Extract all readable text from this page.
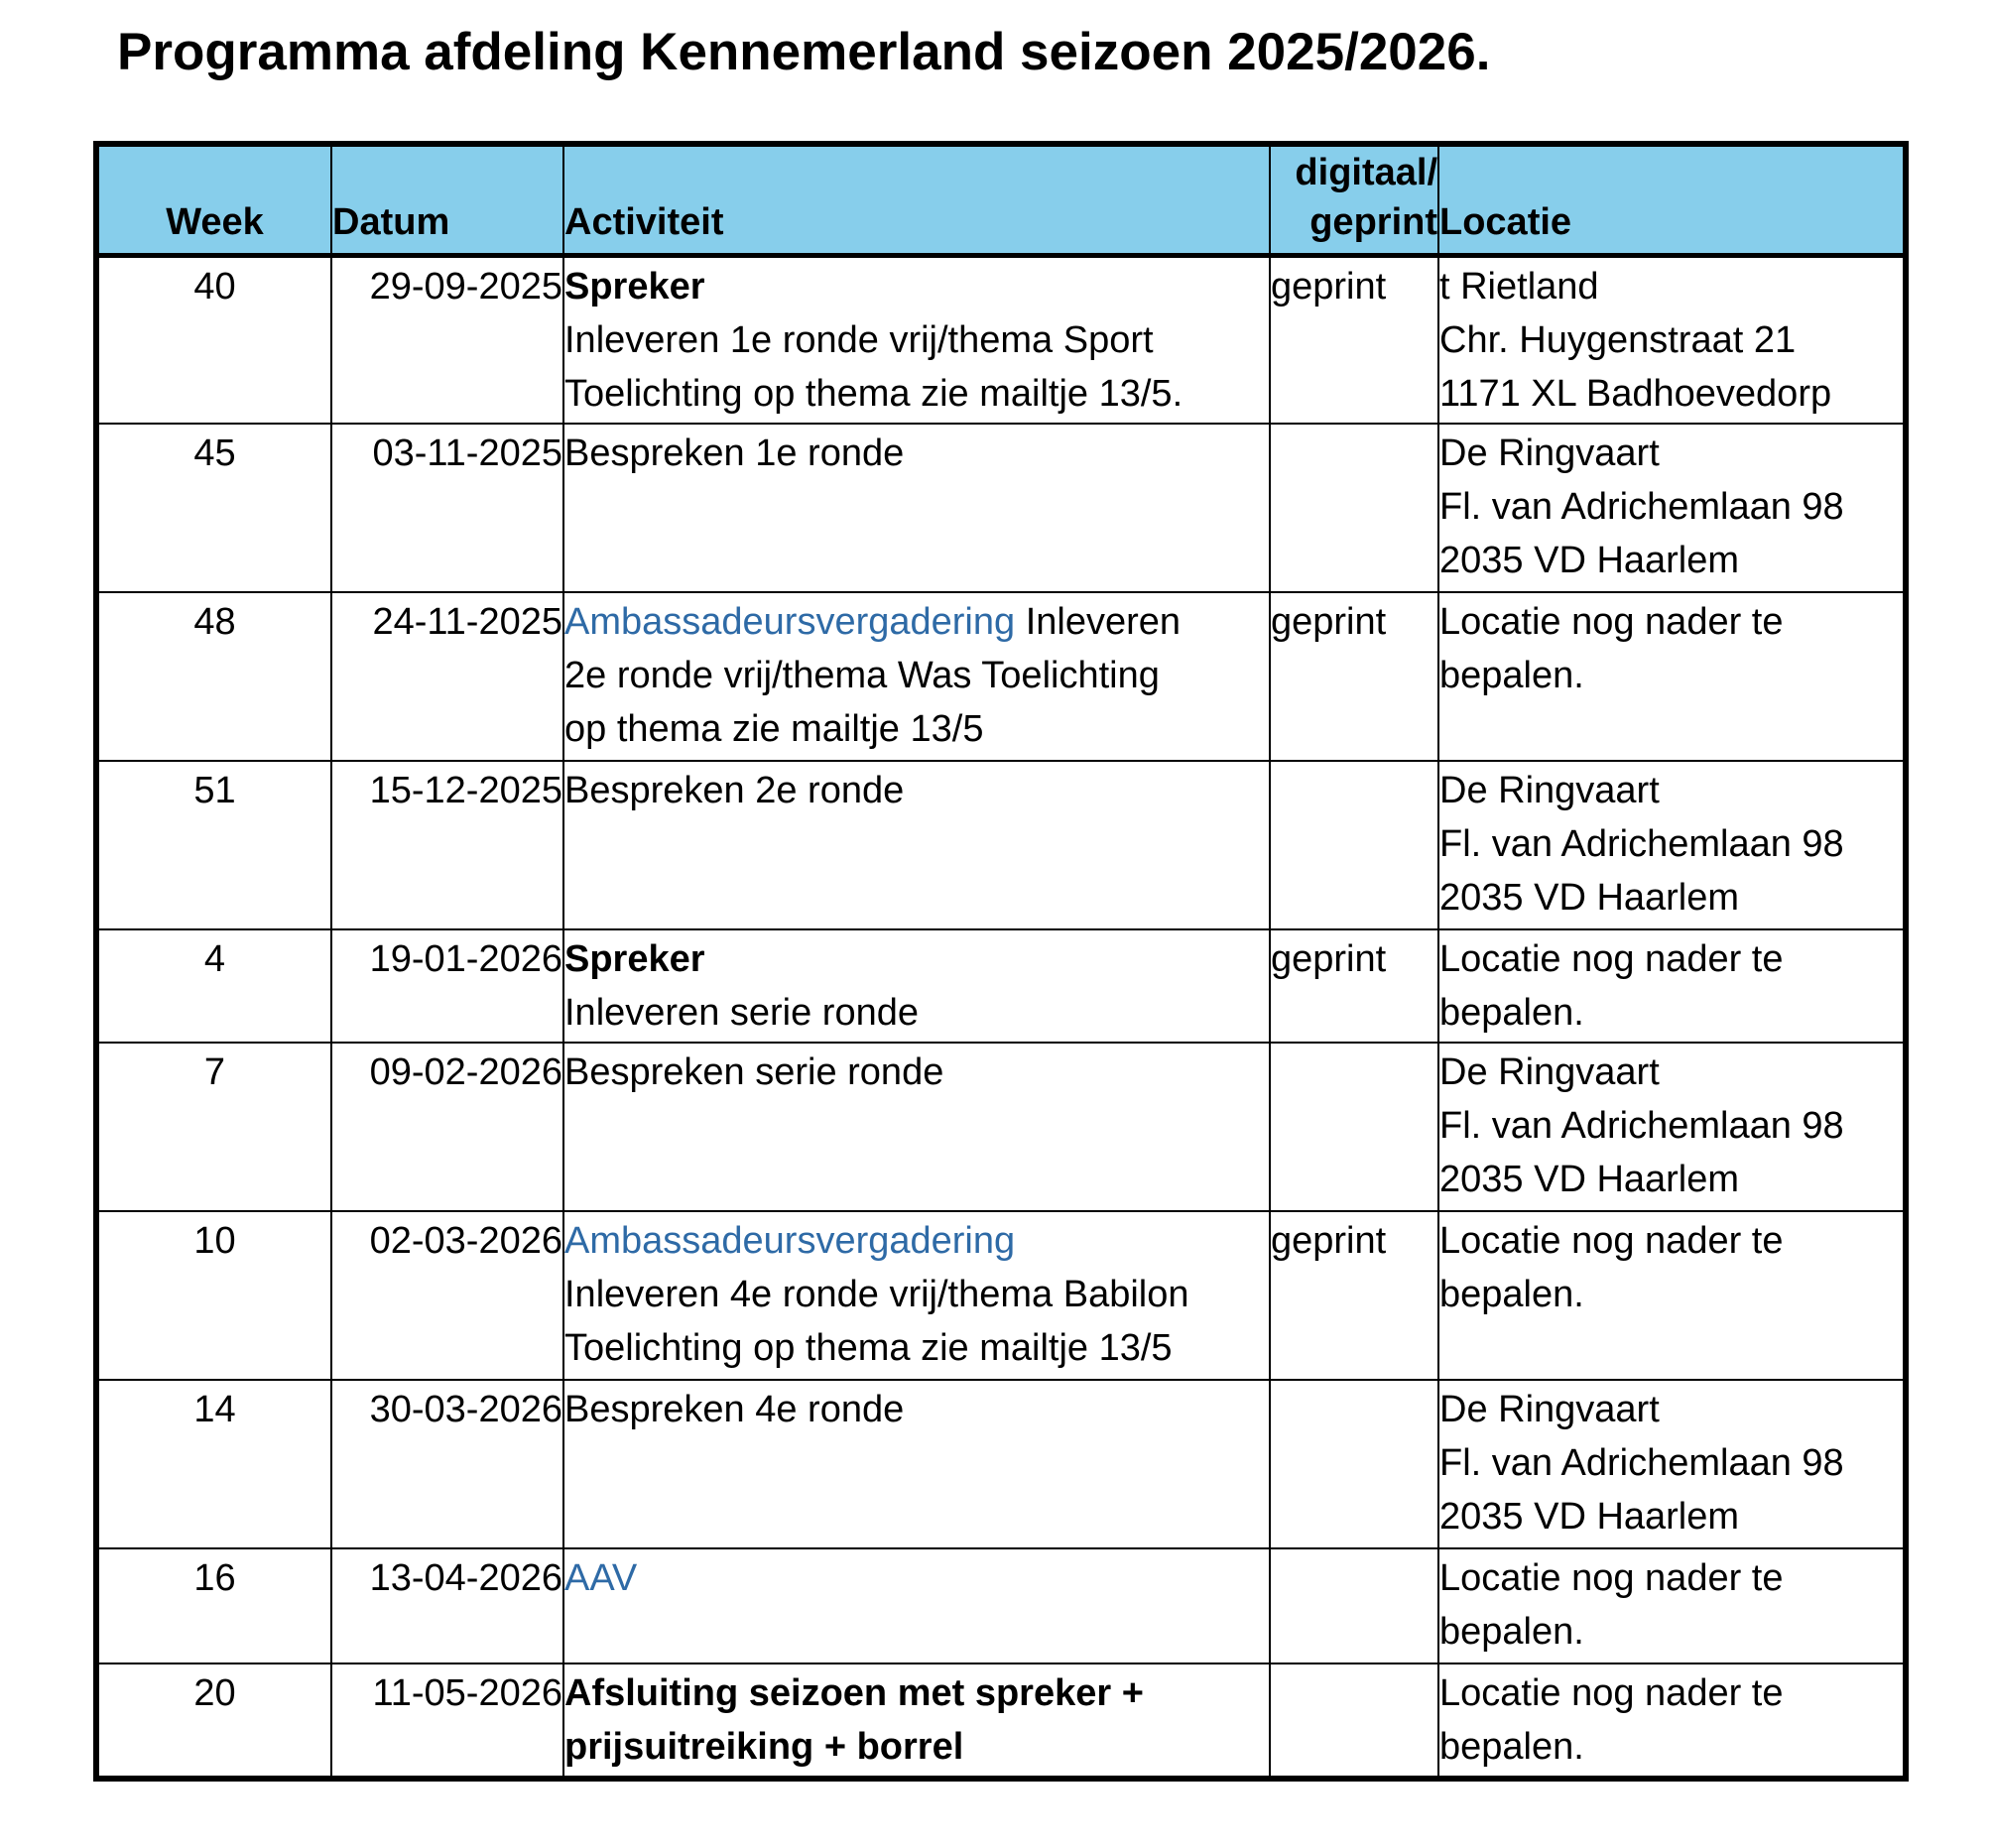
Programma afdeling Kennemerland seizoen 2025/2026.
Week	Datum	Activiteit	digitaal/
geprint	Locatie
40	29-09-2025	Spreker
Inleveren 1e ronde vrij/thema Sport
Toelichting op thema zie mailtje 13/5.	geprint	t Rietland
Chr. Huygenstraat 21
1171 XL Badhoevedorp

45	03-11-2025	Bespreken 1e ronde		De Ringvaart
Fl. van Adrichemlaan 98
2035 VD Haarlem

48	24-11-2025	Ambassadeursvergadering Inleveren
2e ronde vrij/thema Was Toelichting
op thema zie mailtje 13/5	geprint	Locatie nog nader te
bepalen.

51	15-12-2025	Bespreken 2e ronde		De Ringvaart
Fl. van Adrichemlaan 98
2035 VD Haarlem

4	19-01-2026	Spreker
Inleveren serie ronde	geprint	Locatie nog nader te
bepalen.

7	09-02-2026	Bespreken serie ronde		De Ringvaart
Fl. van Adrichemlaan 98
2035 VD Haarlem

10	02-03-2026	Ambassadeursvergadering
Inleveren 4e ronde vrij/thema Babilon
Toelichting op thema zie mailtje 13/5	geprint	Locatie nog nader te
bepalen.

14	30-03-2026	Bespreken 4e ronde		De Ringvaart
Fl. van Adrichemlaan 98
2035 VD Haarlem

16	13-04-2026	AAV		Locatie nog nader te
bepalen.

20	11-05-2026	Afsluiting seizoen met spreker +
prijsuitreiking + borrel		Locatie nog nader te
bepalen.
